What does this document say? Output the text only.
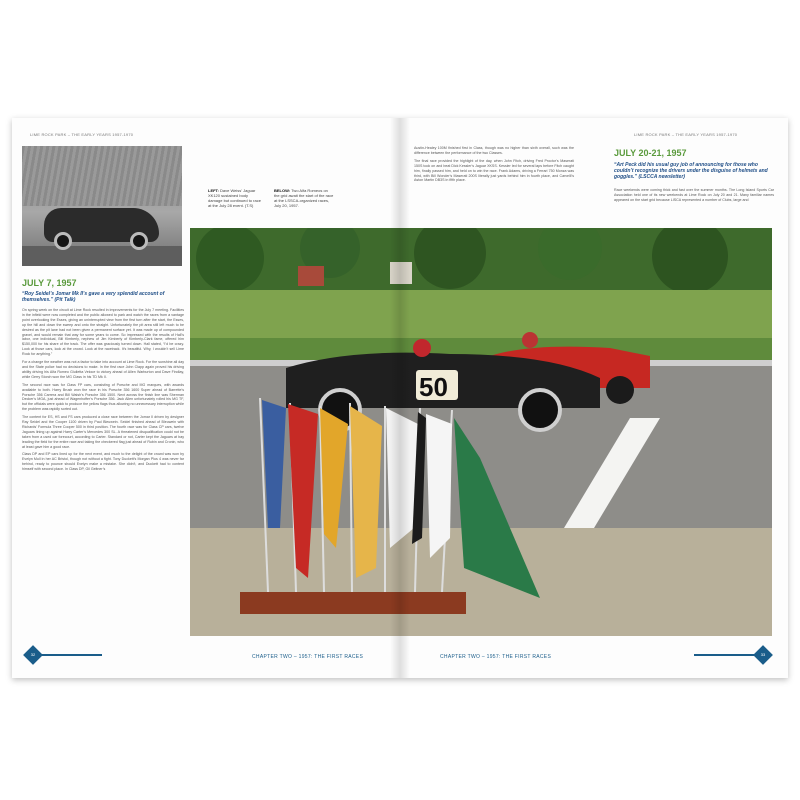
LIME ROCK PARK – THE EARLY YEARS 1957-1970
LEFT: Dave Weiss’ Jaguar XK120 sustained body damage but continued to race at the July 28 event. (T.S)
BELOW: Two Alfa Romeos on the grid await the start of the race at the LSSCA-organized races, July 20, 1957.
JULY 7, 1957
“Roy Seidel’s Jomar Mk II’s gave a very splendid account of themselves.” (Pit Talk)

On spring week on the circuit at Lime Rock resulted in improvements for the July 7 meeting. Facilities in the infield were now completed and the public allowed to park and watch the races from a vantage point overlooking the Esses, giving an uninterrupted view from the first turn after the start, the Esses, up the hill and down the sweep and onto the straight. Unfortunately the pit area still left much to be desired as the pit lane had not been given a permanent surface yet. It was made up of compounded gravel, and would remain that way for some years to come. So impressed with the results of Hall’s labor, one individual, Bill Kimberly, nephew of Jim Kimberly of Kimberly-Clark fame, offered him $150,000 for his share of the track. The offer was graciously turned down. Hall stated, “I’d be crazy. Look at those cars, look at the crowd. Look at the racetrack. It’s beautiful. Why, I wouldn’t sell Lime Rock for anything.”

For a change the weather was not a factor to take into account at Lime Rock. For the sunshine all day and the State police had no decisions to make. In the first race John Clapp again proved his driving ability driving his Alfa Romeo Giulietta Veloce to victory ahead of Allen Warburton and Dave Findlay, while Gerry Storch won the MG Class in his TD Mk II.

The second race was for Class FP cars, consisting of Porsche and MG marques, with awards available to both. Harry Brush won the race in his Porsche 356 1600 Super ahead of Barrette’s Porsche 356 Carrera and Bill Walsh’s Porsche 356 1500. Next across the finish line was Sherman Decker’s MGA, just ahead of Wagenhoffer’s Porsche 356. Jack Allen unfortunately rolled his MG TF, but the officials were quick to produce the yellow flags thus allowing no unnecessary interruption while the problem was rapidly sorted out.

The content for ES, HS and FS cars produced a close race between the Jomar II driven by designer Ray Seidel and the Cooper 1100 driven by Paul Bleuwein. Seidel finished ahead of Bleuwein with Richards’ Formula Three Cooper 500 in third position. The fourth race was for Class CP cars, twelve Jaguars lining up against Harry Carter’s Mercedes 300 SL. A threatened disqualification could not be taken from a used car forecourt, according to Carter. Standard or not, Carter kept the Jaguars at bay leading the field for the entire race and taking the checkered flag just ahead of Rubin and Cronin, who at least gave him a good race.

Class DP and EP cars lined up for the next event, and much to the delight of the crowd was won by Evelyn Mull in her AC Bristol, though not without a fight. Tony Duckett’s Morgan Plus 4 was never far behind, ready to pounce should Evelyn make a mistake. She didn’t, and Duckett had to content himself with second place. In Class DP, Gil Geitner’s

32	CHAPTER TWO – 1957: THE FIRST RACES
LIME ROCK PARK – THE EARLY YEARS 1957-1970

Austin-Healey 100M finished first in Class, though was no higher than sixth overall, such was the difference between the performance of the two Classes.

The final race provided the highlight of the day, when John Fitch, driving Fred Proctor’s Maserati 150S took on and beat Dick Kessler’s Jaguar XKSS. Kessler led for several laps before Fitch caught him, finally passed him, and held on to win the race. Frank Adams, driving a Ferrari 750 Monza was third, with Bill Wonder’s Maserati 200S literally just yards behind him in fourth place, and Carvelli’s Aston Martin DB3S in fifth place.

JULY 20-21, 1957
“Art Peck did his usual guy job of announcing for those who couldn’t recognize the drivers under the disguise of helmets and goggles.” (LSCCA newsletter)

Race weekends were coming thick and fast over the summer months. The Long Island Sports Car Association held one of its new weekends at Lime Rock on July 20 and 21. Many familiar names appeared on the start grid because LISCA represented a number of Clubs, large and

33
CHAPTER TWO – 1957: THE FIRST RACES
50
